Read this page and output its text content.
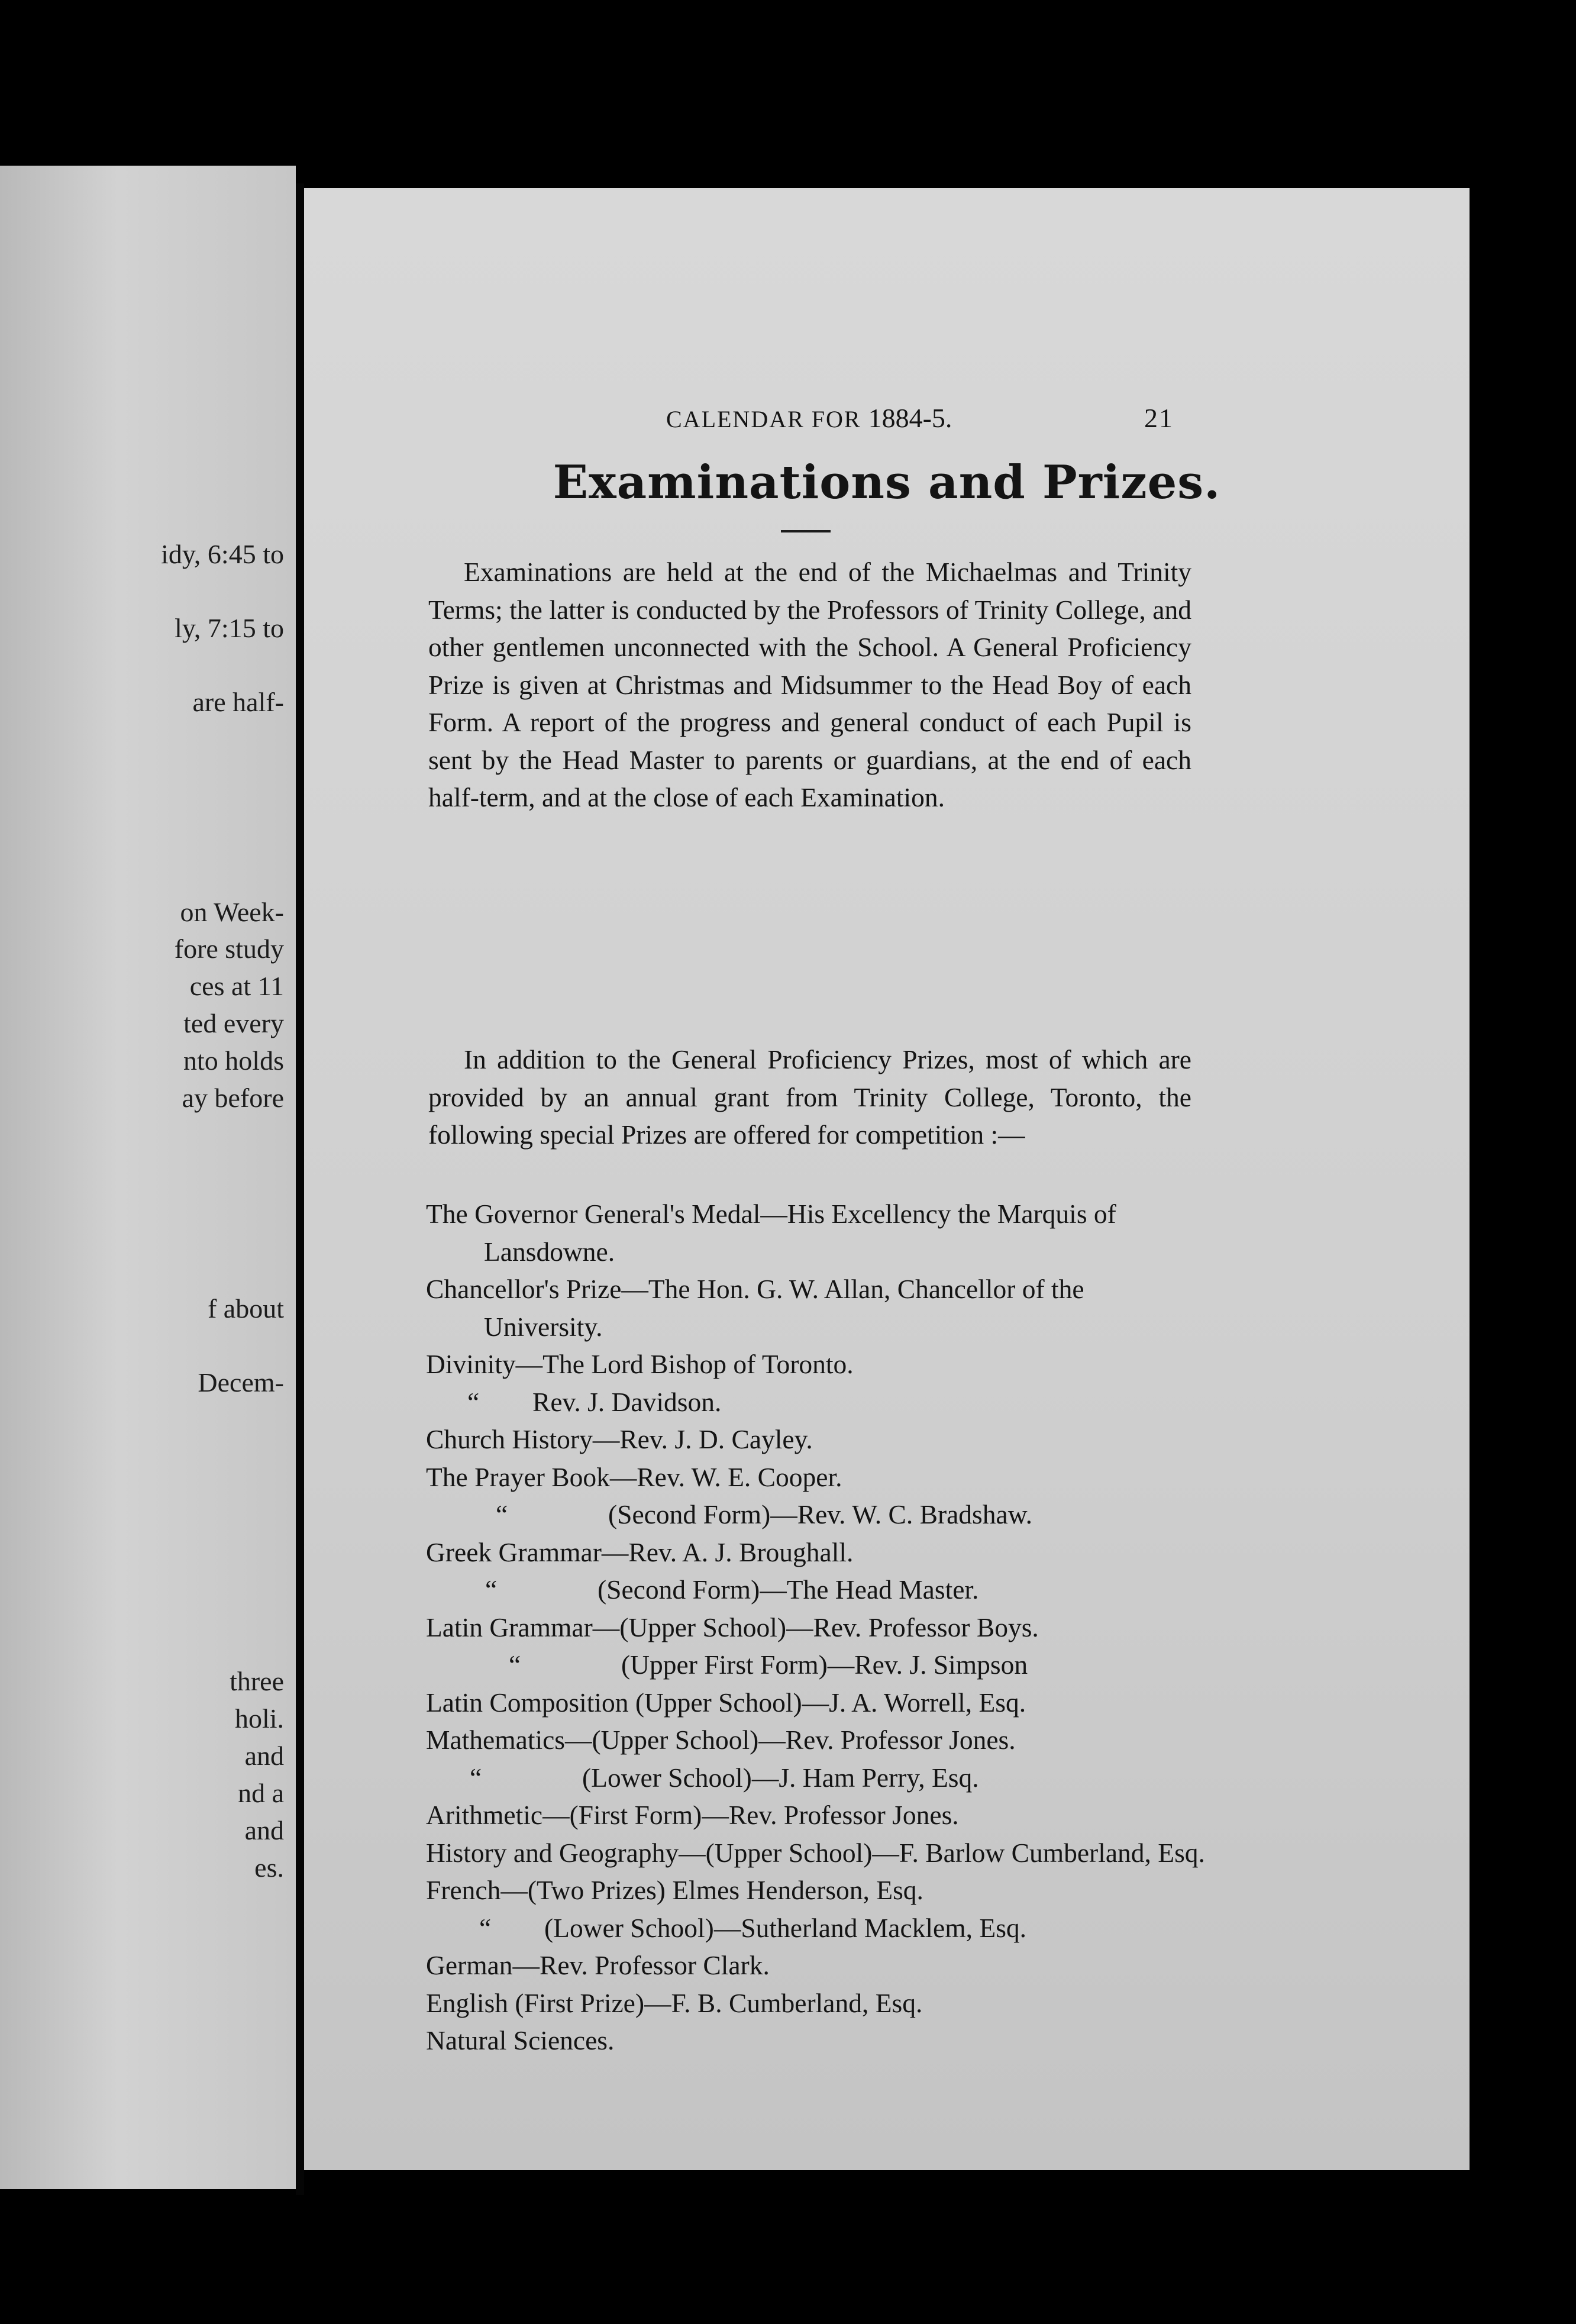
idy, 6:45 to
ly, 7:15 to
are half-
on Week-
fore study
ces at 11
ted every
nto holds
ay before
f about
Decem-
three
holi.
and
nd a
and
es.
CALENDAR FOR 1884-5.	21
Examinations and Prizes.
Examinations are held at the end of the Michaelmas and Trinity Terms; the latter is conducted by the Professors of Trinity College, and other gentlemen unconnected with the School. A General Proficiency Prize is given at Christmas and Midsummer to the Head Boy of each Form. A report of the progress and general conduct of each Pupil is sent by the Head Master to parents or guardians, at the end of each half-term, and at the close of each Examination.
In addition to the General Proficiency Prizes, most of which are provided by an annual grant from Trinity College, Toronto, the following special Prizes are offered for competition :—
The Governor General's Medal—His Excellency the Marquis of Lansdowne.
Chancellor's Prize—The Hon. G. W. Allan, Chancellor of the University.
Divinity—The Lord Bishop of Toronto.
“ Rev. J. Davidson.
Church History—Rev. J. D. Cayley.
The Prayer Book—Rev. W. E. Cooper.
“	(Second Form)—Rev. W. C. Bradshaw.
Greek Grammar—Rev. A. J. Broughall.
“	(Second Form)—The Head Master.
Latin Grammar—(Upper School)—Rev. Professor Boys.
“	(Upper First Form)—Rev. J. Simpson
Latin Composition (Upper School)—J. A. Worrell, Esq.
Mathematics—(Upper School)—Rev. Professor Jones.
“	(Lower School)—J. Ham Perry, Esq.
Arithmetic—(First Form)—Rev. Professor Jones.
History and Geography—(Upper School)—F. Barlow Cumberland, Esq.
French—(Two Prizes) Elmes Henderson, Esq.
“ (Lower School)—Sutherland Macklem, Esq.
German—Rev. Professor Clark.
English (First Prize)—F. B. Cumberland, Esq.
Natural Sciences.
